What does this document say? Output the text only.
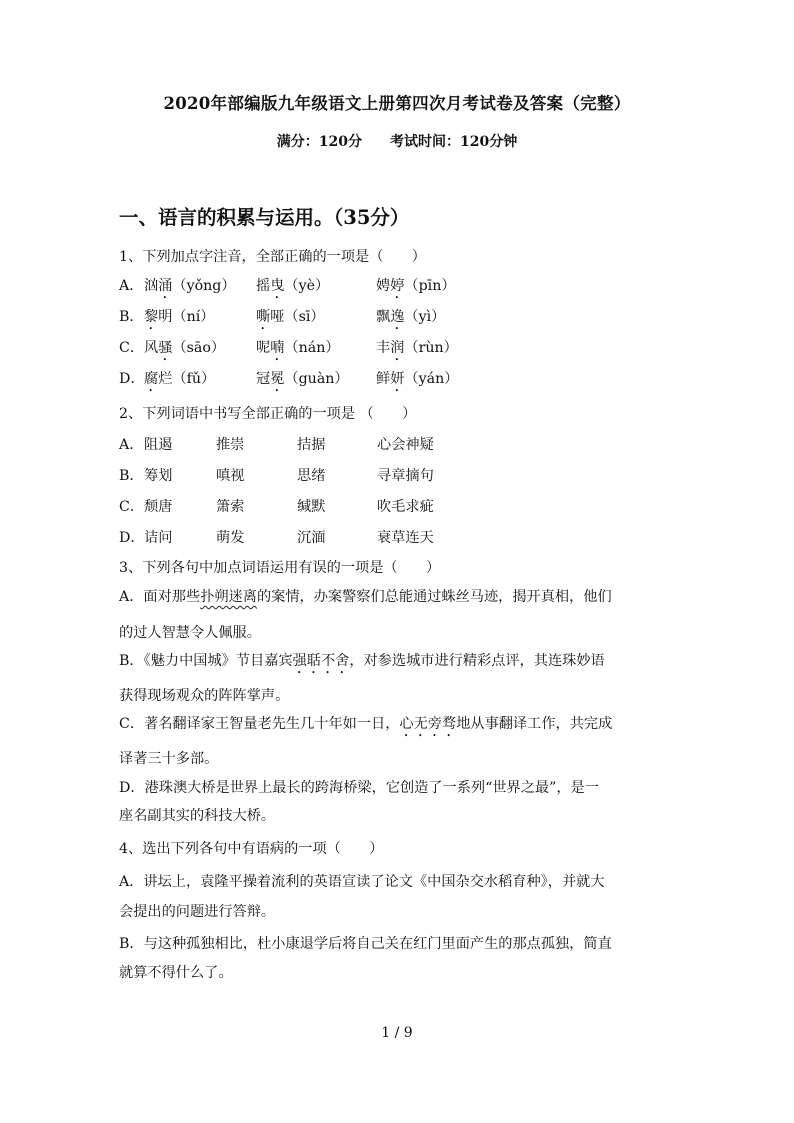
2020年部编版九年级语文上册第四次月考试卷及答案（完整）
满分：120分 考试时间：120分钟
一、语言的积累与运用。（35分）
1、下列加点字注音，全部正确的一项是（　　）
A． 汹涌（yǒng） 摇曳（yè）	娉婷（pīn）
B． 黎明（ní）	嘶哑（sī）	飘逸（yì）
C． 风骚（sāo） 呢喃（nán）	丰润（rùn）
D． 腐烂（fǔ）	冠冕（guàn） 鲜妍（yán）
2、下列词语中书写全部正确的一项是 （　　）
A． 阻遏	推崇	拮据	心会神疑
B． 筹划	嗔视	思绪	寻章摘句
C． 颓唐	箫索	缄默	吹毛求疵
D． 诘问	萌发	沉湎	衰草连天
3、下列各句中加点词语运用有误的一项是（　　）
A．面对那些扑朔迷离的案情，办案警察们总能通过蛛丝马迹，揭开真相，他们
的过人智慧令人佩服。
B．《魅力中国城》节目嘉宾强聒不舍，对参选城市进行精彩点评，其连珠妙语
获得现场观众的阵阵掌声。
C．著名翻译家王智量老先生几十年如一日，心无旁骛地从事翻译工作，共完成
译著三十多部。
D．港珠澳大桥是世界上最长的跨海桥梁，它创造了一系列“世界之最”，是一
座名副其实的科技大桥。
4、选出下列各句中有语病的一项（　　）
A．讲坛上，袁隆平操着流利的英语宣读了论文《中国杂交水稻育种》，并就大
会提出的问题进行答辩。
B．与这种孤独相比，杜小康退学后将自己关在红门里面产生的那点孤独，简直
就算不得什么了。
1 / 9
